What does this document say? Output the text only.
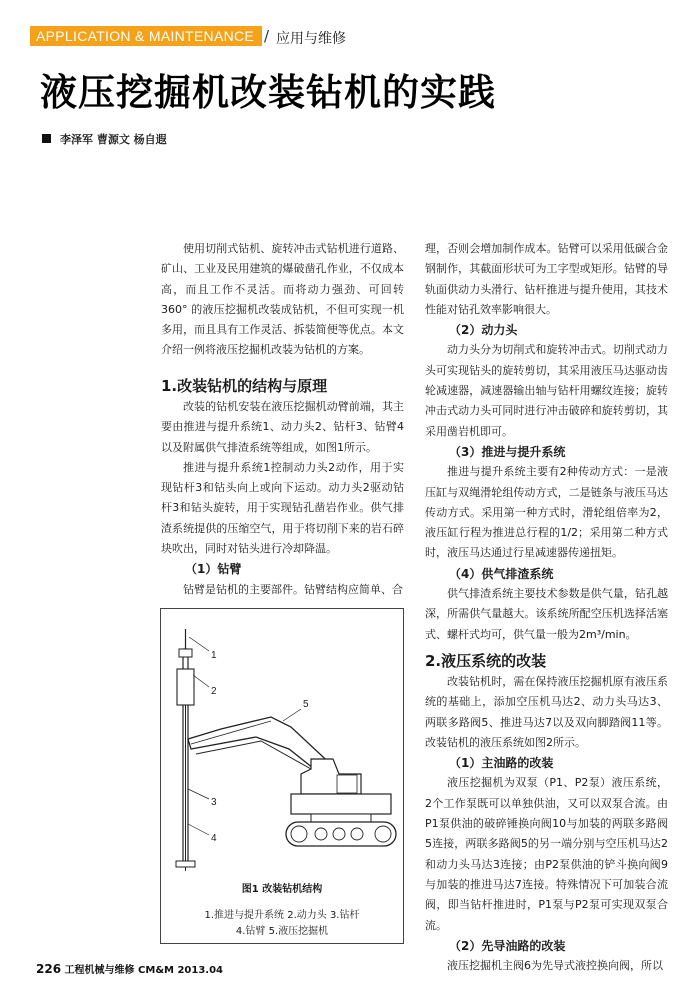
APPLICATION & MAINTENANCE / 应用与维修
液压挖掘机改装钻机的实践
李泽军 曹源文 杨自遐

使用切削式钻机、旋转冲击式钻机进行道路、矿山、工业及民用建筑的爆破凿孔作业，不仅成本高，而且工作不灵活。而将动力强劲、可回转360° 的液压挖掘机改装成钻机，不但可实现一机多用，而且具有工作灵活、拆装简便等优点。本文介绍一例将液压挖掘机改装为钻机的方案。

1.改装钻机的结构与原理

改装的钻机安装在液压挖掘机动臂前端，其主要由推进与提升系统1、动力头2、钻杆3、钻臂4以及附属供气排渣系统等组成，如图1所示。

推进与提升系统1控制动力头2动作，用于实现钻杆3和钻头向上或向下运动。动力头2驱动钻杆3和钻头旋转，用于实现钻孔凿岩作业。供气排渣系统提供的压缩空气，用于将切削下来的岩石碎块吹出，同时对钻头进行冷却降温。

（1）钻臂

钻臂是钻机的主要部件。钻臂结构应简单、合

1
2
5
3
4
图1 改装钻机结构
1.推进与提升系统 2.动力头 3.钻杆
4.钻臂 5.液压挖掘机

理，否则会增加制作成本。钻臂可以采用低碳合金钢制作，其截面形状可为工字型或矩形。钻臂的导轨面供动力头滑行、钻杆推进与提升使用，其技术性能对钻孔效率影响很大。

（2）动力头

动力头分为切削式和旋转冲击式。切削式动力头可实现钻头的旋转剪切，其采用液压马达驱动齿轮减速器，减速器输出轴与钻杆用螺纹连接；旋转冲击式动力头可同时进行冲击破碎和旋转剪切，其采用凿岩机即可。

（3）推进与提升系统

推进与提升系统主要有2种传动方式：一是液压缸与双绳滑轮组传动方式，二是链条与液压马达传动方式。采用第一种方式时，滑轮组倍率为2，液压缸行程为推进总行程的1/2；采用第二种方式时，液压马达通过行星减速器传递扭矩。

（4）供气排渣系统

供气排渣系统主要技术参数是供气量，钻孔越深，所需供气量越大。该系统所配空压机选择活塞式、螺杆式均可，供气量一般为2m³/min。

2.液压系统的改装

改装钻机时，需在保持液压挖掘机原有液压系统的基础上，添加空压机马达2、动力头马达3、两联多路阀5、推进马达7以及双向脚踏阀11等。改装钻机的液压系统如图2所示。

（1）主油路的改装

液压挖掘机为双泵（P1、P2泵）液压系统，2个工作泵既可以单独供油，又可以双泵合流。由P1泵供油的破碎锤换向阀10与加装的两联多路阀5连接，两联多路阀5的另一端分别与空压机马达2和动力头马达3连接；由P2泵供油的铲斗换向阀9与加装的推进马达7连接。特殊情况下可加装合流阀，即当钻杆推进时，P1泵与P2泵可实现双泵合流。

（2）先导油路的改装

液压挖掘机主阀6为先导式液控换向阀，所以

226 工程机械与维修 CM&M 2013.04
